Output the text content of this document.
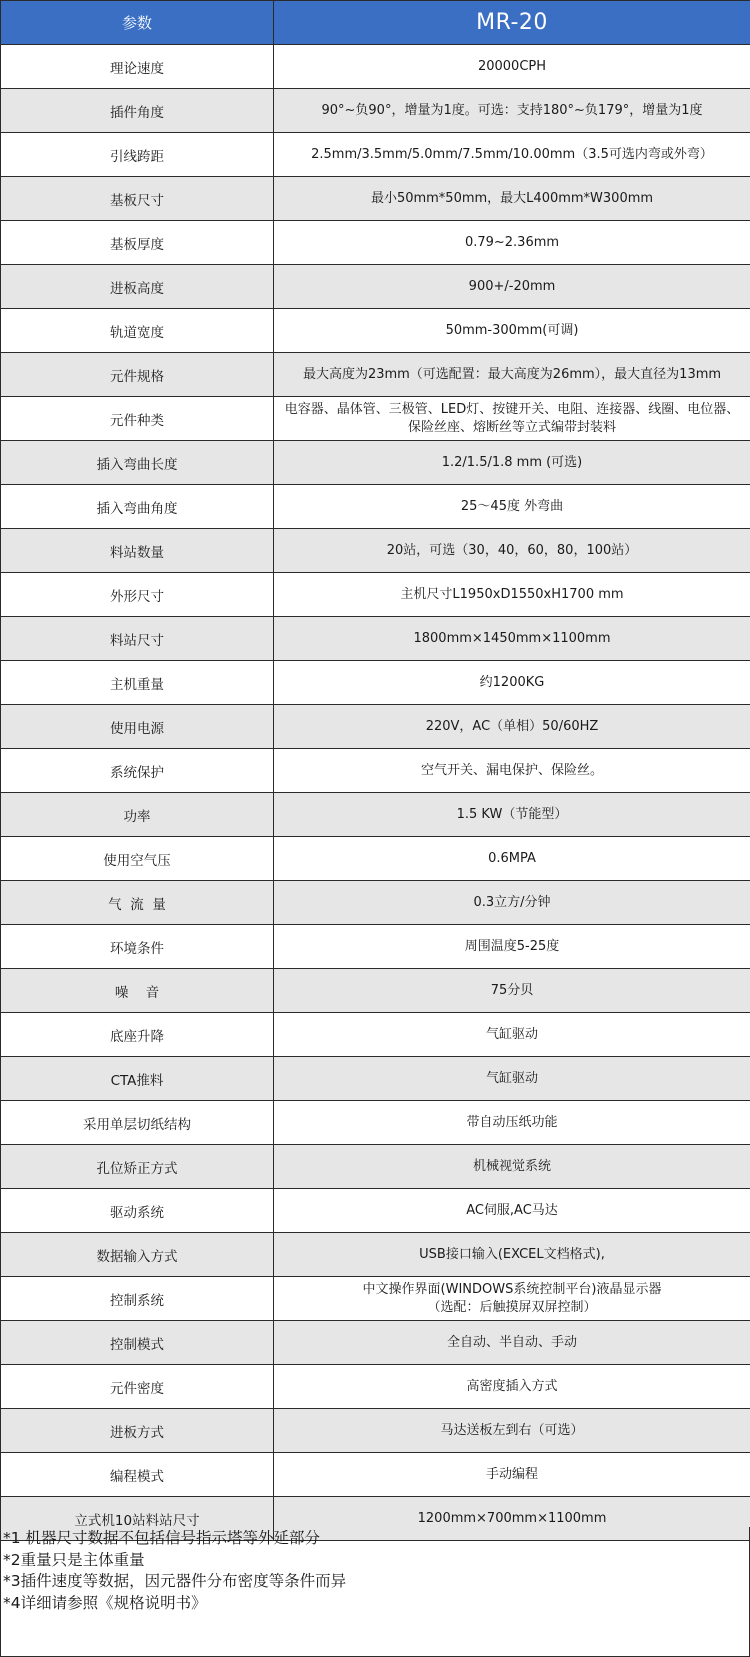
参数	MR-20
理论速度	20000CPH

插件角度	90°~负90°，增量为1度。可选：支持180°~负179°，增量为1度

引线跨距	2.5mm/3.5mm/5.0mm/7.5mm/10.00mm（3.5可选内弯或外弯）

基板尺寸	最小50mm*50mm，最大L400mm*W300mm

基板厚度	0.79~2.36mm

进板高度	900+/-20mm

轨道宽度	50mm-300mm(可调)

元件规格	最大高度为23mm（可选配置：最大高度为26mm），最大直径为13mm

元件种类	电容器、晶体管、三极管、LED灯、按键开关、电阻、连接器、线圈、电位器、
保险丝座、熔断丝等立式编带封装料

插入弯曲长度	1.2/1.5/1.8 mm (可选)

插入弯曲角度	25～45度 外弯曲

料站数量	20站，可选（30，40，60，80，100站）

外形尺寸	主机尺寸L1950xD1550xH1700 mm

料站尺寸	1800mm×1450mm×1100mm

主机重量	约1200KG

使用电源	220V，AC（单相）50/60HZ

系统保护	空气开关、漏电保护、保险丝。

功率	1.5 KW（节能型）

使用空气压	0.6MPA

气  流  量	0.3立方/分钟

环境条件	周围温度5-25度

噪    音	75分贝

底座升降	气缸驱动

CTA推料	气缸驱动

采用单层切纸结构	带自动压纸功能

孔位矫正方式	机械视觉系统

驱动系统	AC伺服,AC马达

数据输入方式	USB接口输入(EXCEL文档格式),

控制系统	中文操作界面(WINDOWS系统控制平台)液晶显示器
（选配：后触摸屏双屏控制）

控制模式	全自动、半自动、手动

元件密度	高密度插入方式

进板方式	马达送板左到右（可选）

编程模式	手动编程

立式机10站料站尺寸	1200mm×700mm×1100mm
*1 机器尺寸数据不包括信号指示塔等外延部分
*2重量只是主体重量
*3插件速度等数据，因元器件分布密度等条件而异
*4详细请参照《规格说明书》
